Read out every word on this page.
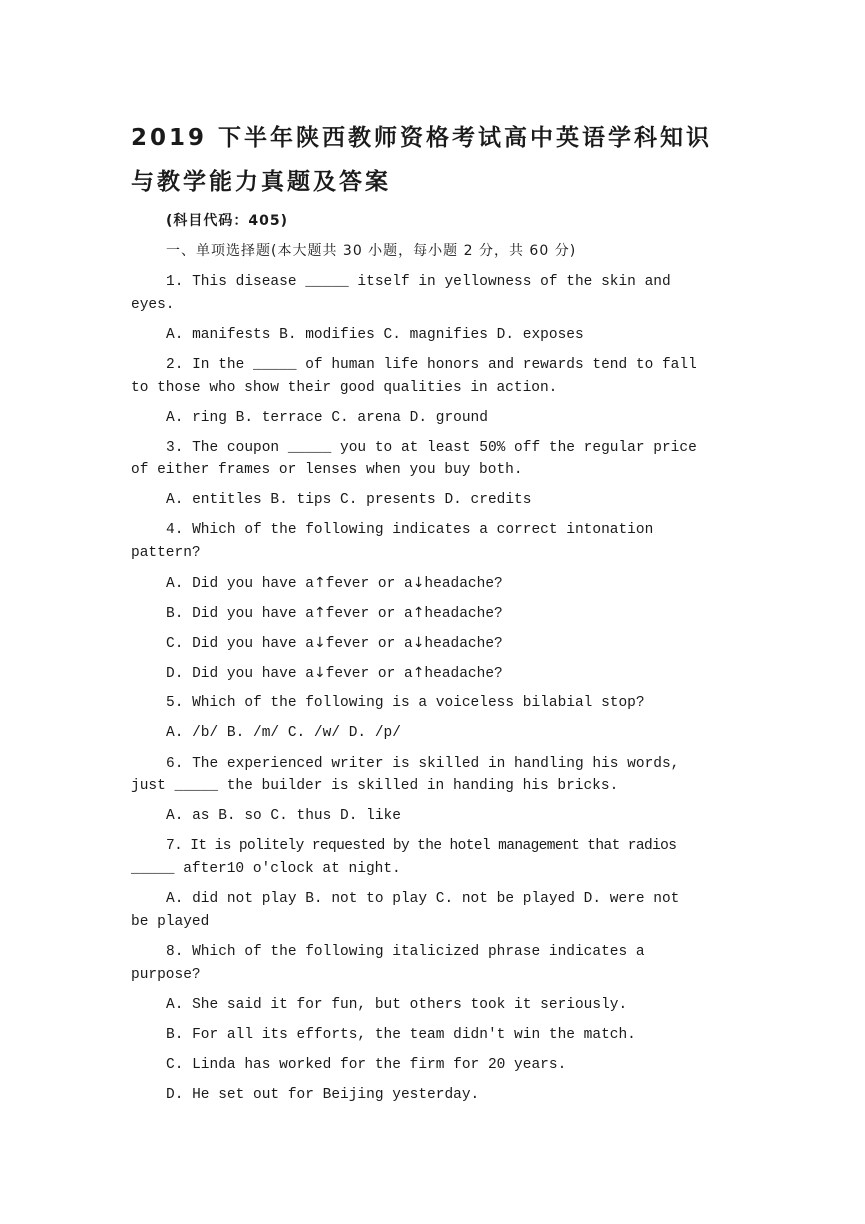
2019 下半年陕西教师资格考试高中英语学科知识
与教学能力真题及答案
(科目代码：405)
一、单项选择题(本大题共 30 小题，每小题 2 分，共 60 分)
1. This disease _____ itself in yellowness of the skin and
eyes.
A. manifests B. modifies C. magnifies D. exposes
2. In the _____ of human life honors and rewards tend to fall
to those who show their good qualities in action.
A. ring B. terrace C. arena D. ground
3. The coupon _____ you to at least 50% off the regular price
of either frames or lenses when you buy both.
A. entitles B. tips C. presents D. credits
4. Which of the following indicates a correct intonation
pattern?
A. Did you have a↑fever or a↓headache?
B. Did you have a↑fever or a↑headache?
C. Did you have a↓fever or a↓headache?
D. Did you have a↓fever or a↑headache?
5. Which of the following is a voiceless bilabial stop?
A. /b/ B. /m/ C. /w/ D. /p/
6. The experienced writer is skilled in handling his words,
just _____ the builder is skilled in handing his bricks.
A. as B. so C. thus D. like
7. It is politely requested by the hotel management that radios
_____ after10 o'clock at night.
A. did not play B. not to play C. not be played D. were not
be played
8. Which of the following italicized phrase indicates a
purpose?
A. She said it for fun, but others took it seriously.
B. For all its efforts, the team didn't win the match.
C. Linda has worked for the firm for 20 years.
D. He set out for Beijing yesterday.
